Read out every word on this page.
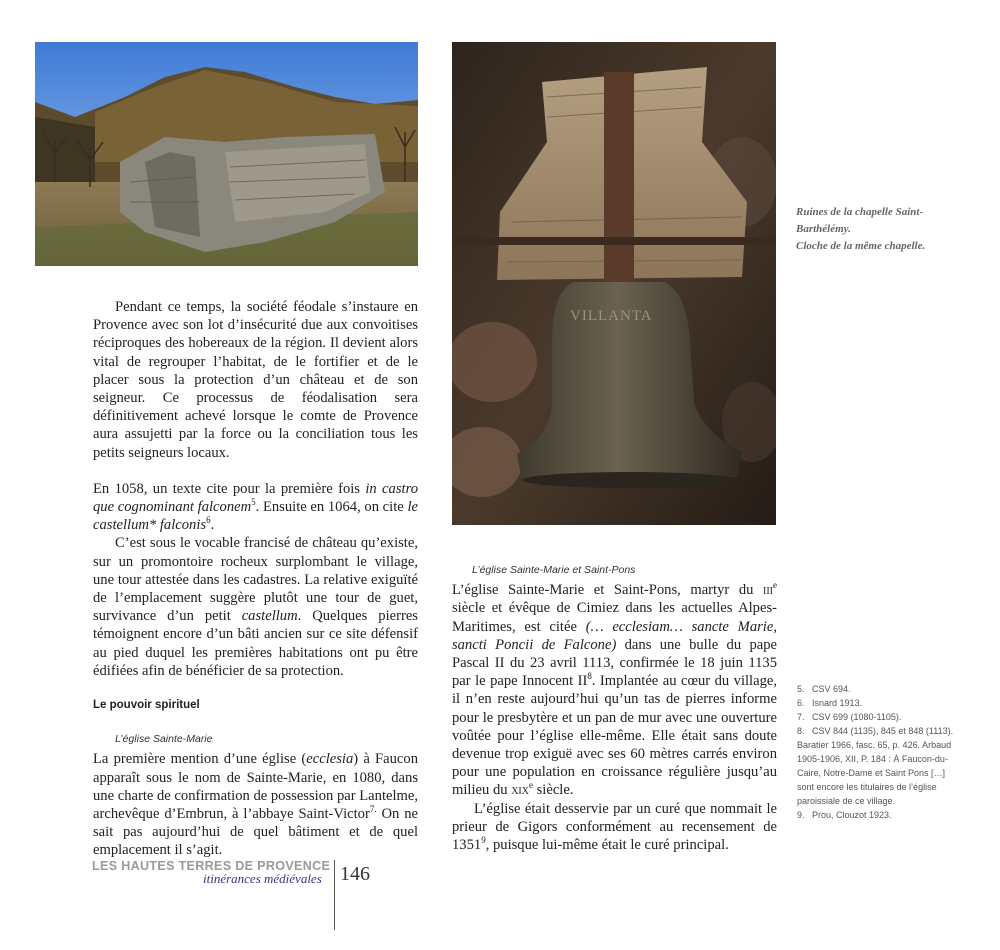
VILLANTA
Ruines de la chapelle Saint-Barthélémy.
Cloche de la même chapelle.

Pendant ce temps, la société féodale s’instaure en Provence avec son lot d’insécurité due aux convoitises réciproques des hobereaux de la région. Il devient alors vital de regrouper l’habitat, de le fortifier et de le placer sous la protection d’un château et de son seigneur. Ce processus de féodalisation sera définitivement achevé lorsque le comte de Provence aura assujetti par la force ou la conciliation tous les petits seigneurs locaux.

En 1058, un texte cite pour la première fois in castro que cognominant falconem$^5$. Ensuite en 1064, on cite le castellum* falconis$^6$.

C’est sous le vocable francisé de château qu’existe, sur un promontoire rocheux surplombant le village, une tour attestée dans les cadastres. La relative exiguïté de l’emplacement suggère plutôt une tour de guet, survivance d’un petit castellum. Quelques pierres témoignent encore d’un bâti ancien sur ce site défensif au pied duquel les premières habitations ont pu être édifiées afin de bénéficier de sa protection.

Le pouvoir spirituel
L’église Sainte-Marie

La première mention d’une église (ecclesia) à Faucon apparaît sous le nom de Sainte-Marie, en 1080, dans une charte de confirmation de possession par Lantelme, archevêque d’Embrun, à l’abbaye Saint-Victor$^{7.}$ On ne sait pas aujourd’hui de quel bâtiment et de quel emplacement il s’agit.

L’église Sainte-Marie et Saint-Pons

L’église Sainte-Marie et Saint-Pons, martyr du iii$^e$ siècle et évêque de Cimiez dans les actuelles Alpes-Maritimes, est citée (… ecclesiam… sancte Marie, sancti Poncii de Falcone) dans une bulle du pape Pascal II du 23 avril 1113, confirmée le 18 juin 1135 par le pape Innocent $II^8$. Implantée au cœur du village, il n’en reste aujourd’hui qu’un tas de pierres informe pour le presbytère et un pan de mur avec une ouverture voûtée pour l’église elle-même. Elle était sans doute devenue trop exiguë avec ses 60 mètres carrés environ pour une population en croissance régulière jusqu’au milieu du xix$^e$ siècle.

L’église était desservie par un curé que nommait le prieur de Gigors conformément au recensement de 1351$^9$, puisque lui-même était le curé principal.

5.   CSV 694.
6.   Isnard 1913.
7.   CSV 699 (1080-1105).
8.   CSV 844 (1135), 845 et 848 (1113). Baratier 1966, fasc. 65, p. 426. Arbaud 1905-1906, XII, P. 184 : À Faucon-du-Caire, Notre-Dame et Saint Pons […] sont encore les titulaires de l’église paroissiale de ce village.
9.   Prou, Clouzot 1923.
LES HAUTES TERRES DE PROVENCE
itinérances médiévales 146
